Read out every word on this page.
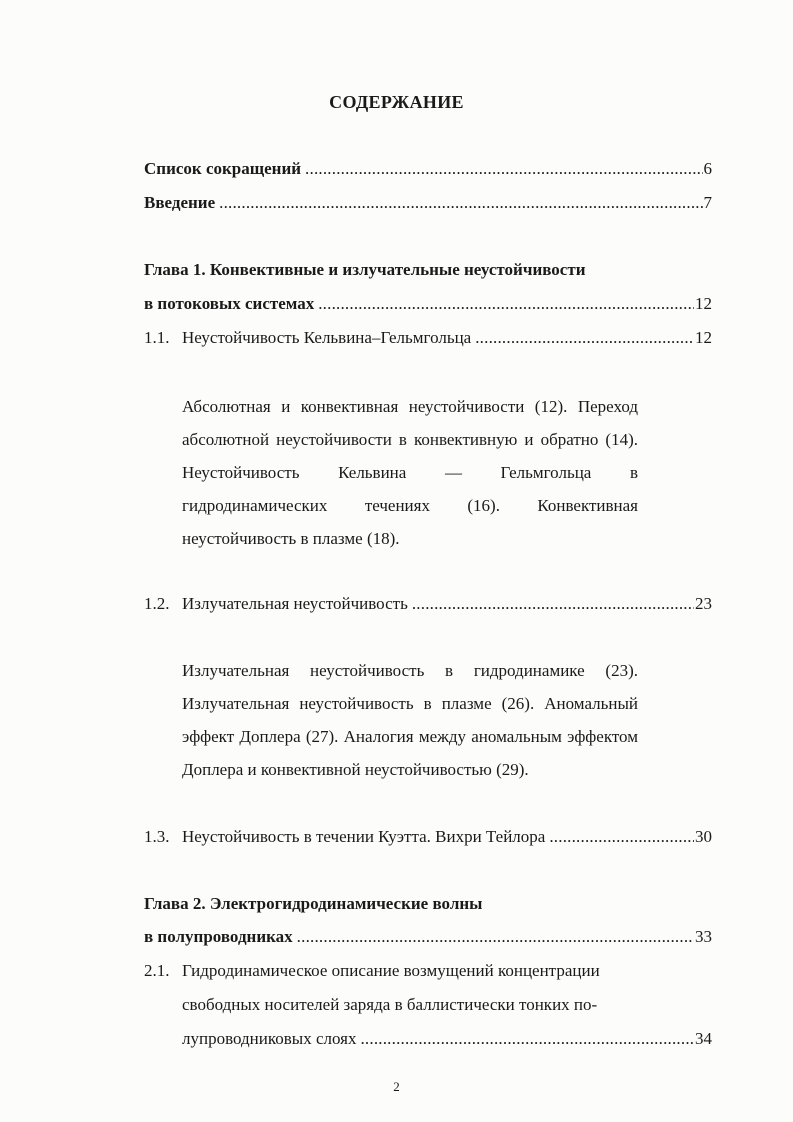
СОДЕРЖАНИЕ
Список сокращений .....	6
Введение .....	7
Глава 1. Конвективные и излучательные неустойчивости
в потоковых системах .....	12
1.1. Неустойчивость Кельвина–Гельмгольца .....	12
Абсолютная и конвективная неустойчивости (12). Переход абсолютной неустойчивости в конвективную и обратно (14). Неустойчивость Кельвина — Гельмгольца в гидродинамических течениях (16). Конвективная неустойчивость в плазме (18).
1.2. Излучательная неустойчивость .....	23
Излучательная неустойчивость в гидродинамике (23). Излучательная неустойчивость в плазме (26). Аномальный эффект Доплера (27). Аналогия между аномальным эффектом Доплера и конвективной неустойчивостью (29).
1.3. Неустойчивость в течении Куэтта. Вихри Тейлора .....	30
Глава 2. Электрогидродинамические волны
в полупроводниках .....	33
2.1. Гидродинамическое описание возмущений концентрации
свободных носителей заряда в баллистически тонких по-
лупроводниковых слоях .....	34
2
